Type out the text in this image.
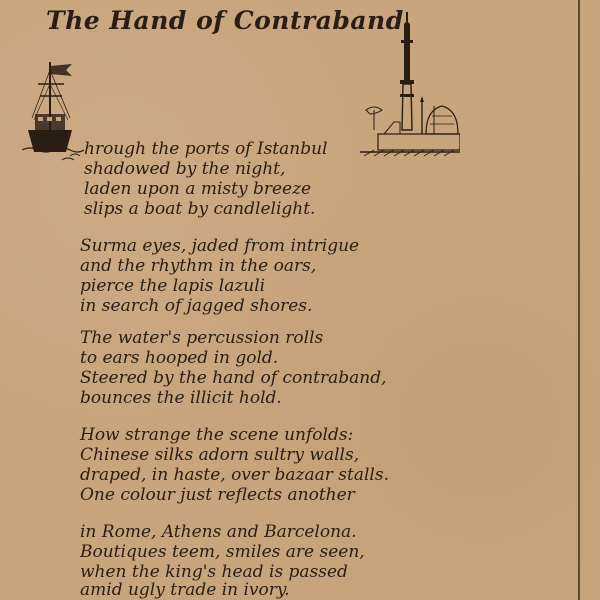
The Hand of Contraband
hrough the ports of Istanbul
shadowed by the night,
laden upon a misty breeze
slips a boat by candlelight.
Surma eyes, jaded from intrigue
and the rhythm in the oars,
pierce the lapis lazuli
in search of jagged shores.
The water's percussion rolls
to ears hooped in gold.
Steered by the hand of contraband,
bounces the illicit hold.
How strange the scene unfolds:
Chinese silks adorn sultry walls,
draped, in haste, over bazaar stalls.
One colour just reflects another
in Rome, Athens and Barcelona.
Boutiques teem, smiles are seen,
when the king's head is passed
amid ugly trade in ivory.
